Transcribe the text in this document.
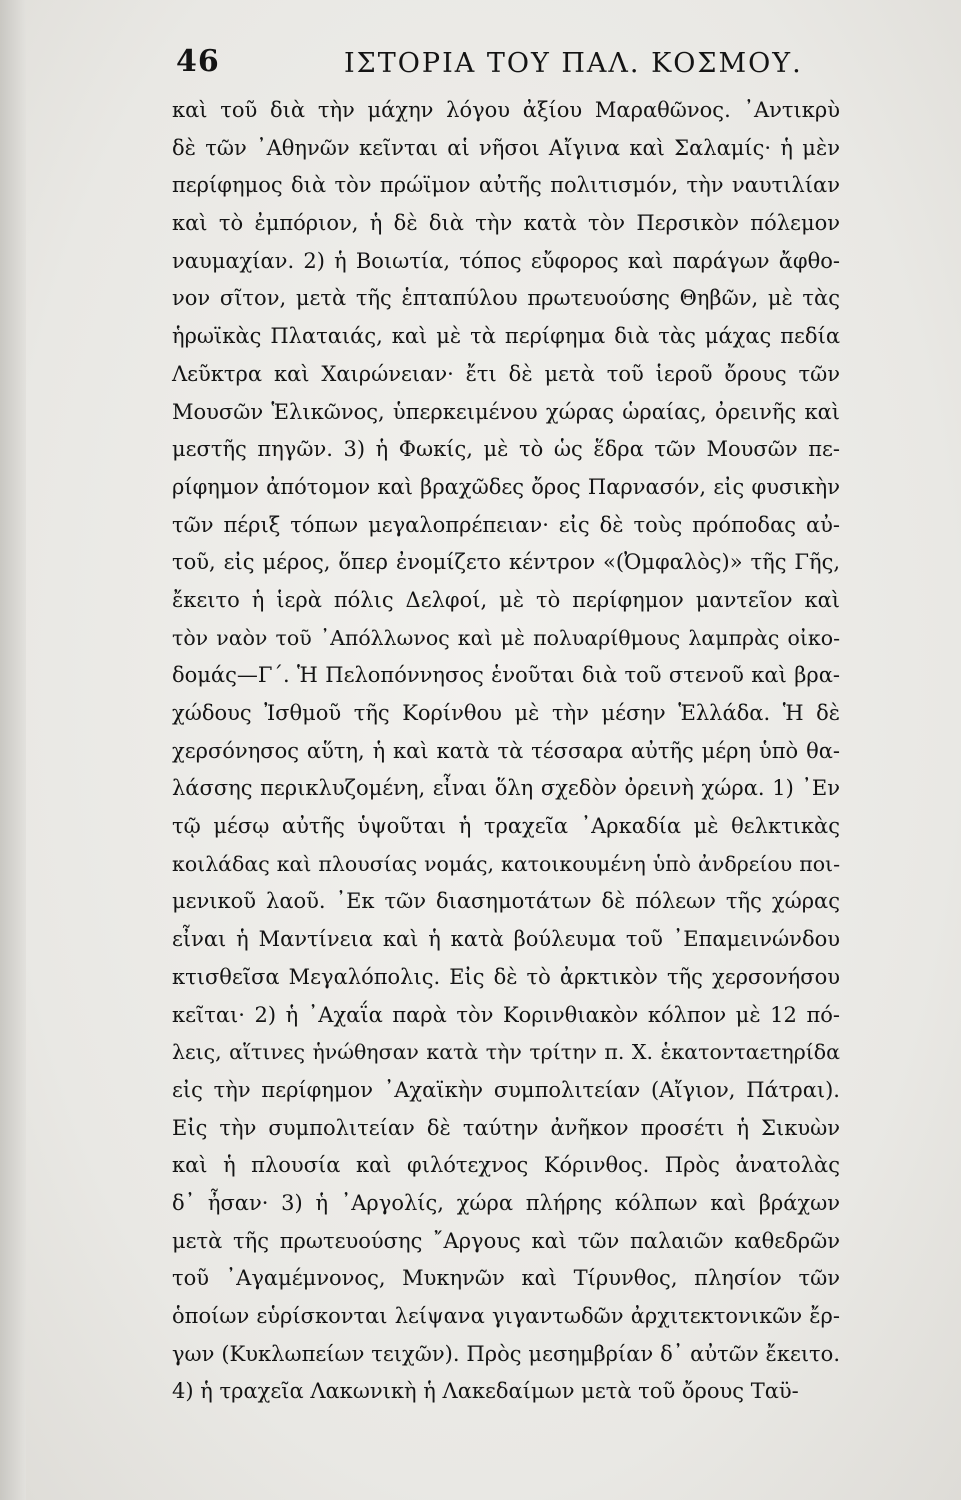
46	ΙΣΤΟΡΙΑ ΤΟΥ ΠΑΛ. ΚΟΣΜΟΥ.
καὶ τοῦ διὰ τὴν μάχην λόγου ἀξίου Μαραθῶνος. ᾿Αντικρὺ
δὲ τῶν ᾿Αθηνῶν κεῖνται αἱ νῆσοι Αἴγινα καὶ Σαλαμίς· ἡ μὲν
περίφημος διὰ τὸν πρώϊμον αὐτῆς πολιτισμόν, τὴν ναυτιλίαν
καὶ τὸ ἐμπόριον, ἡ δὲ διὰ τὴν κατὰ τὸν Περσικὸν πόλεμον
ναυμαχίαν. 2) ἡ Βοιωτία, τόπος εὔφορος καὶ παράγων ἄφθο-
νον σῖτον, μετὰ τῆς ἑπταπύλου πρωτευούσης Θηβῶν, μὲ τὰς
ἡρωϊκὰς Πλαταιάς, καὶ μὲ τὰ περίφημα διὰ τὰς μάχας πεδία
Λεῦκτρα καὶ Χαιρώνειαν· ἔτι δὲ μετὰ τοῦ ἱεροῦ ὄρους τῶν
Μουσῶν Ἑλικῶνος, ὑπερκειμένου χώρας ὡραίας, ὀρεινῆς καὶ
μεστῆς πηγῶν. 3) ἡ Φωκίς, μὲ τὸ ὡς ἕδρα τῶν Μουσῶν πε-
ρίφημον ἀπότομον καὶ βραχῶδες ὄρος Παρνασόν, εἰς φυσικὴν
τῶν πέριξ τόπων μεγαλοπρέπειαν· εἰς δὲ τοὺς πρόποδας αὐ-
τοῦ, εἰς μέρος, ὅπερ ἐνομίζετο κέντρον «(Ὀμφαλὸς)» τῆς Γῆς,
ἔκειτο ἡ ἱερὰ πόλις Δελφοί, μὲ τὸ περίφημον μαντεῖον καὶ
τὸν ναὸν τοῦ ᾿Απόλλωνος καὶ μὲ πολυαρίθμους λαμπρὰς οἰκο-
δομάς—Γ΄. Ἡ Πελοπόννησος ἑνοῦται διὰ τοῦ στενοῦ καὶ βρα-
χώδους Ἰσθμοῦ τῆς Κορίνθου μὲ τὴν μέσην Ἑλλάδα. Ἡ δὲ
χερσόνησος αὕτη, ἡ καὶ κατὰ τὰ τέσσαρα αὐτῆς μέρη ὑπὸ θα-
λάσσης περικλυζομένη, εἶναι ὅλη σχεδὸν ὀρεινὴ χώρα. 1) ᾿Εν
τῷ μέσῳ αὐτῆς ὑψοῦται ἡ τραχεῖα ᾿Αρκαδία μὲ θελκτικὰς
κοιλάδας καὶ πλουσίας νομάς, κατοικουμένη ὑπὸ ἀνδρείου ποι-
μενικοῦ λαοῦ. ᾿Εκ τῶν διασημοτάτων δὲ πόλεων τῆς χώρας
εἶναι ἡ Μαντίνεια καὶ ἡ κατὰ βούλευμα τοῦ ᾿Επαμεινώνδου
κτισθεῖσα Μεγαλόπολις. Εἰς δὲ τὸ ἀρκτικὸν τῆς χερσονήσου
κεῖται· 2) ἡ ᾿Αχαΐα παρὰ τὸν Κορινθιακὸν κόλπον μὲ 12 πό-
λεις, αἵτινες ἡνώθησαν κατὰ τὴν τρίτην π. Χ. ἑκατονταετηρίδα
εἰς τὴν περίφημον ᾿Αχαϊκὴν συμπολιτείαν (Αἴγιον, Πάτραι).
Εἰς τὴν συμπολιτείαν δὲ ταύτην ἀνῆκον προσέτι ἡ Σικυὼν
καὶ ἡ πλουσία καὶ φιλότεχνος Κόρινθος. Πρὸς ἀνατολὰς
δ᾿ ἦσαν· 3) ἡ ᾿Αργολίς, χώρα πλήρης κόλπων καὶ βράχων
μετὰ τῆς πρωτευούσης ῎Αργους καὶ τῶν παλαιῶν καθεδρῶν
τοῦ ᾿Αγαμέμνονος, Μυκηνῶν καὶ Τίρυνθος, πλησίον τῶν
ὁποίων εὑρίσκονται λείψανα γιγαντωδῶν ἀρχιτεκτονικῶν ἔρ-
γων (Κυκλωπείων τειχῶν). Πρὸς μεσημβρίαν δ᾿ αὐτῶν ἔκειτο.
4) ἡ τραχεῖα Λακωνικὴ ἡ Λακεδαίμων μετὰ τοῦ ὄρους Ταϋ-
